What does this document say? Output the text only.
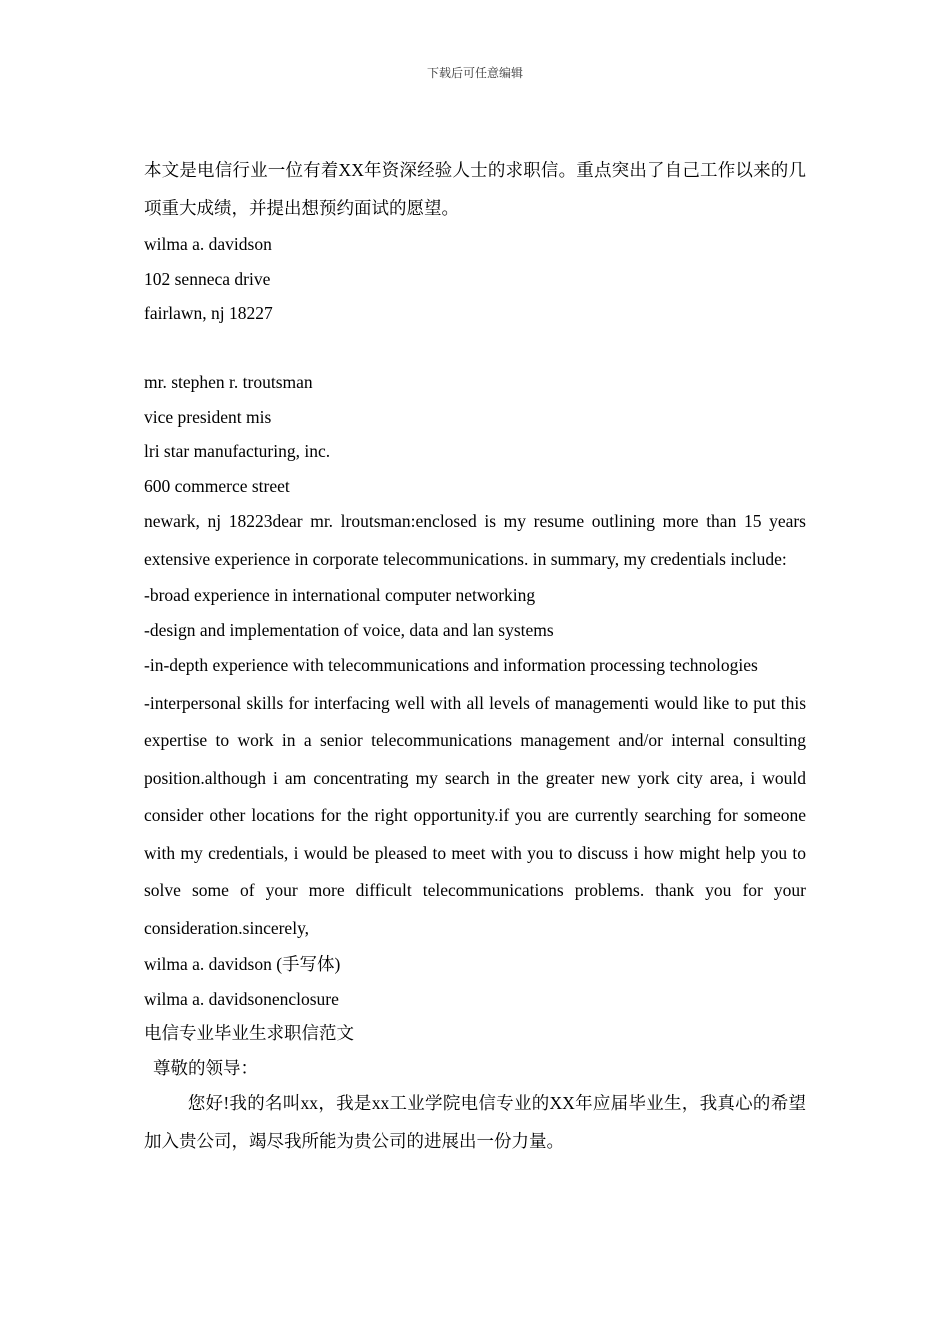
下载后可任意编辑

本文是电信行业一位有着XX年资深经验人士的求职信。重点突出了自己工作以来的几项重大成绩，并提出想预约面试的愿望。

wilma a. davidson

102 senneca drive

fairlawn, nj 18227

mr. stephen r. troutsman

vice president mis

lri star manufacturing, inc.

600 commerce street

newark, nj 18223dear mr. lroutsman:enclosed is my resume outlining more than 15 years extensive experience in corporate telecommunications. in summary, my credentials include:

-broad experience in international computer networking

-design and implementation of voice, data and lan systems

-in-depth experience with telecommunications and information processing technologies

-interpersonal skills for interfacing well with all levels of managementi would like to put this expertise to work in a senior telecommunications management and/or internal consulting position.although i am concentrating my search in the greater new york city area, i would consider other locations for the right opportunity.if you are currently searching for someone with my credentials, i would be pleased to meet with you to discuss i how might help you to solve some of your more difficult telecommunications problems. thank you for your consideration.sincerely,

wilma a. davidson (手写体)

wilma a. davidsonenclosure

电信专业毕业生求职信范文

尊敬的领导：

您好!我的名叫xx，我是xx工业学院电信专业的XX年应届毕业生，我真心的希望加入贵公司，竭尽我所能为贵公司的进展出一份力量。
